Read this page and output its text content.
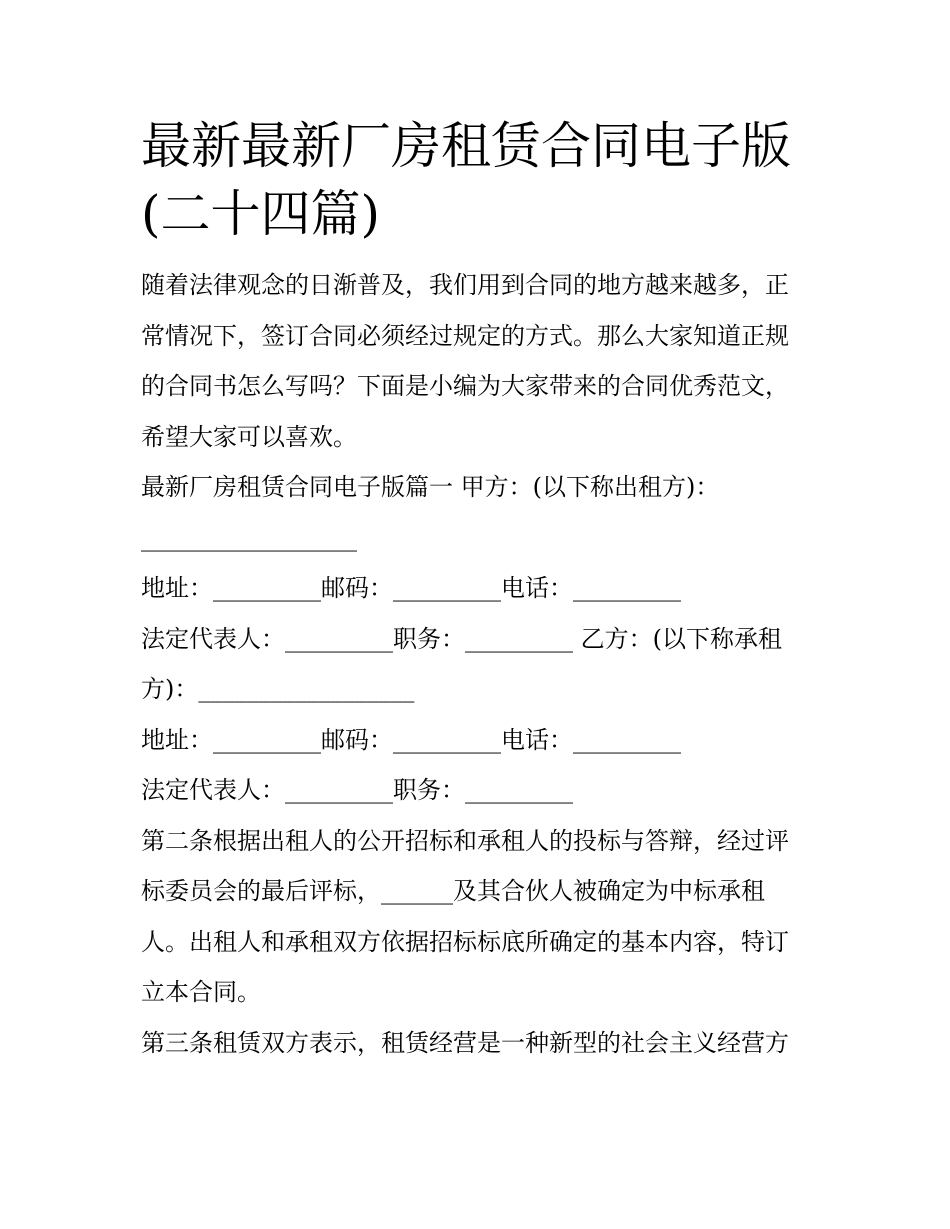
最新最新厂房租赁合同电子版
(二十四篇)

随着法律观念的日渐普及，我们用到合同的地方越来越多，正

常情况下，签订合同必须经过规定的方式。那么大家知道正规

的合同书怎么写吗？下面是小编为大家带来的合同优秀范文，

希望大家可以喜欢。

最新厂房租赁合同电子版篇一 甲方：(以下称出租方)：

__________________

地址：_________邮码：_________电话：_________

法定代表人：_________职务：_________ 乙方：(以下称承租

方)：__________________

地址：_________邮码：_________电话：_________

法定代表人：_________职务：_________

第二条根据出租人的公开招标和承租人的投标与答辩，经过评

标委员会的最后评标，______及其合伙人被确定为中标承租

人。出租人和承租双方依据招标标底所确定的基本内容，特订

立本合同。

第三条租赁双方表示，租赁经营是一种新型的社会主义经营方
